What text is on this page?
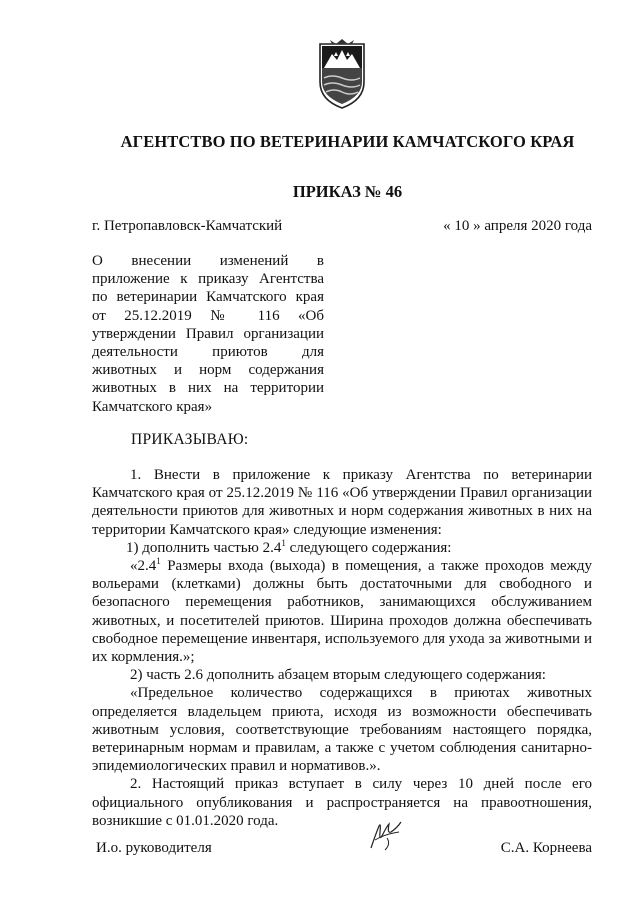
АГЕНТСТВО ПО ВЕТЕРИНАРИИ КАМЧАТСКОГО КРАЯ
ПРИКАЗ № 46
г. Петропавловск-Камчатский	« 10 » апреля 2020 года
О внесении изменений в
приложение к приказу Агентства
по ветеринарии Камчатского края
от 25.12.2019 № 116 «Об
утверждении Правил организации
деятельности приютов для
животных и норм содержания
животных в них на территории
Камчатского края»
ПРИКАЗЫВАЮ:

1. Внести в приложение к приказу Агентства по ветеринарии Камчатского края от 25.12.2019 № 116 «Об утверждении Правил организации деятельности приютов для животных и норм содержания животных в них на территории Камчатского края» следующие изменения:

1) дополнить частью $2.4^1$ следующего содержания:

«$2.4^1$ Размеры входа (выхода) в помещения, а также проходов между вольерами (клетками) должны быть достаточными для свободного и безопасного перемещения работников, занимающихся обслуживанием животных, и посетителей приютов. Ширина проходов должна обеспечивать свободное перемещение инвентаря, используемого для ухода за животными и их кормления.»;

2) часть 2.6 дополнить абзацем вторым следующего содержания:

«Предельное количество содержащихся в приютах животных определяется владельцем приюта, исходя из возможности обеспечивать животным условия, соответствующие требованиям настоящего порядка, ветеринарным нормам и правилам, а также с учетом соблюдения санитарно-эпидемиологических правил и нормативов.».

2. Настоящий приказ вступает в силу через 10 дней после его официального опубликования и распространяется на правоотношения, возникшие с 01.01.2020 года.

И.о. руководителя	С.А. Корнеева
